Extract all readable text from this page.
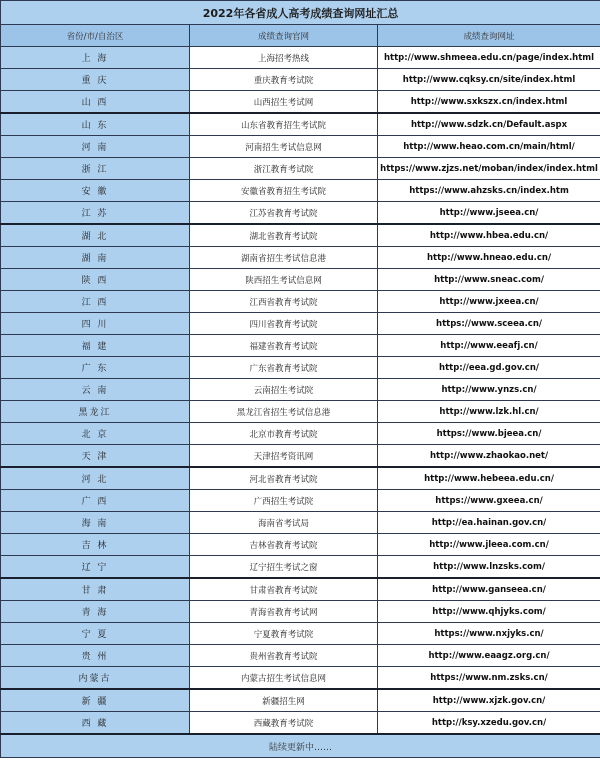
2022年各省成人高考成绩查询网址汇总		
省份/市/自治区	成绩查询官网	成绩查询网址
上 海	上海招考热线	http://www.shmeea.edu.cn/page/index.html
重 庆	重庆教育考试院	http://www.cqksy.cn/site/index.html
山 西	山西招生考试网	http://www.sxkszx.cn/index.html
山 东	山东省教育招生考试院	http://www.sdzk.cn/Default.aspx
河 南	河南招生考试信息网	http://www.heao.com.cn/main/html/
浙 江	浙江教育考试院	https://www.zjzs.net/moban/index/index.html
安 徽	安徽省教育招生考试院	https://www.ahzsks.cn/index.htm
江 苏	江苏省教育考试院	http://www.jseea.cn/
湖 北	湖北省教育考试院	http://www.hbea.edu.cn/
湖 南	湖南省招生考试信息港	http://www.hneao.edu.cn/
陕 西	陕西招生考试信息网	http://www.sneac.com/
江 西	江西省教育考试院	http://www.jxeea.cn/
四 川	四川省教育考试院	https://www.sceea.cn/
福 建	福建省教育考试院	http://www.eeafj.cn/
广 东	广东省教育考试院	http://eea.gd.gov.cn/
云 南	云南招生考试院	http://www.ynzs.cn/
黑龙江	黑龙江省招生考试信息港	http://www.lzk.hl.cn/
北 京	北京市教育考试院	https://www.bjeea.cn/
天 津	天津招考资讯网	http://www.zhaokao.net/
河 北	河北省教育考试院	http://www.hebeea.edu.cn/
广 西	广西招生考试院	https://www.gxeea.cn/
海 南	海南省考试局	http://ea.hainan.gov.cn/
吉 林	吉林省教育考试院	http://www.jleea.com.cn/
辽 宁	辽宁招生考试之窗	http://www.lnzsks.com/
甘 肃	甘肃省教育考试院	http://www.ganseea.cn/
青 海	青海省教育考试网	http://www.qhjyks.com/
宁 夏	宁夏教育考试院	https://www.nxjyks.cn/
贵 州	贵州省教育考试院	http://www.eaagz.org.cn/
内蒙古	内蒙古招生考试信息网	https://www.nm.zsks.cn/
新 疆	新疆招生网	http://www.xjzk.gov.cn/
西 藏	西藏教育考试院	http://ksy.xzedu.gov.cn/
陆续更新中……		
